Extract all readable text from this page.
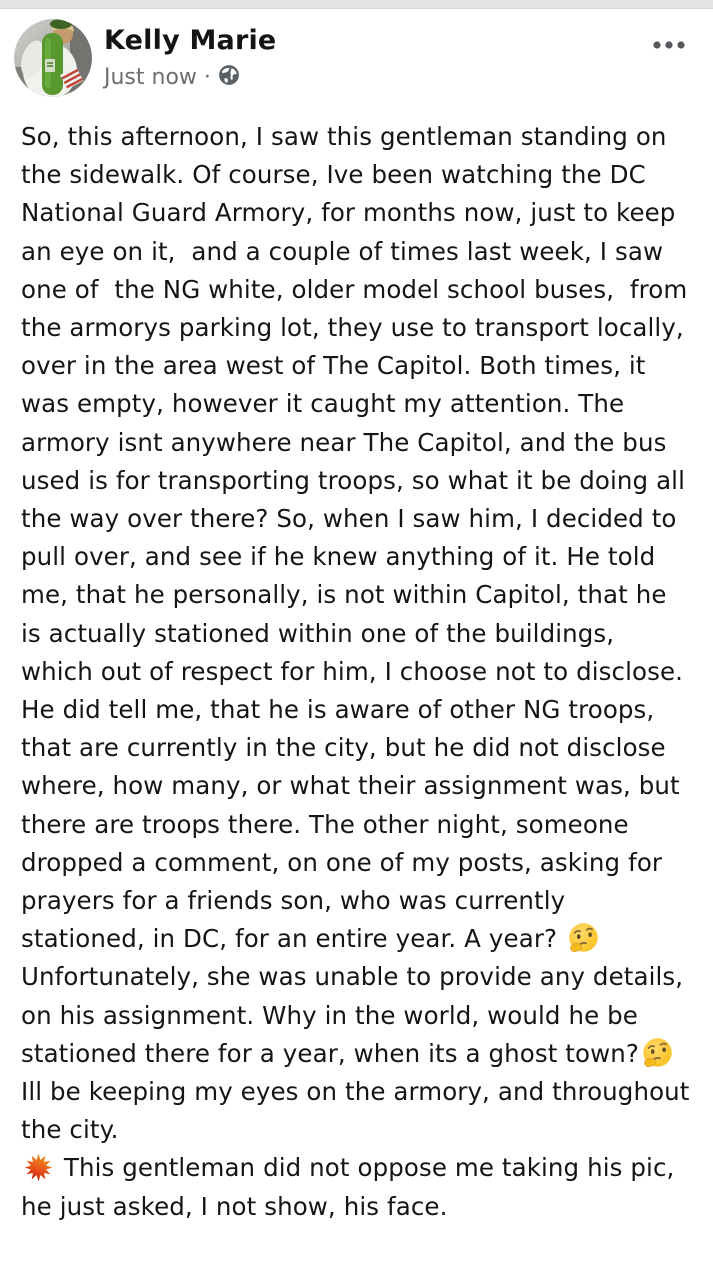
Kelly Marie
Just now ·
So, this afternoon, I saw this gentleman standing on the sidewalk. Of course, Ive been watching the DC National Guard Armory, for months now, just to keep an eye on it,  and a couple of times last week, I saw one of  the NG white, older model school buses,  from the armorys parking lot, they use to transport locally, over in the area west of The Capitol. Both times, it was empty, however it caught my attention. The armory isnt anywhere near The Capitol, and the bus used is for transporting troops, so what it be doing all the way over there? So, when I saw him, I decided to pull over, and see if he knew anything of it. He told me, that he personally, is not within Capitol, that he is actually stationed within one of the buildings, which out of respect for him, I choose not to disclose. He did tell me, that he is aware of other NG troops, that are currently in the city, but he did not disclose where, how many, or what their assignment was, but there are troops there. The other night, someone dropped a comment, on one of my posts, asking for prayers for a friends son, who was currently stationed, in DC, for an entire year. A year?   Unfortunately, she was unable to provide any details, on his assignment. Why in the world, would he be stationed there for a year, when its a ghost town? Ill be keeping my eyes on the armory, and throughout the city.
This gentleman did not oppose me taking his pic, he just asked, I not show, his face.
